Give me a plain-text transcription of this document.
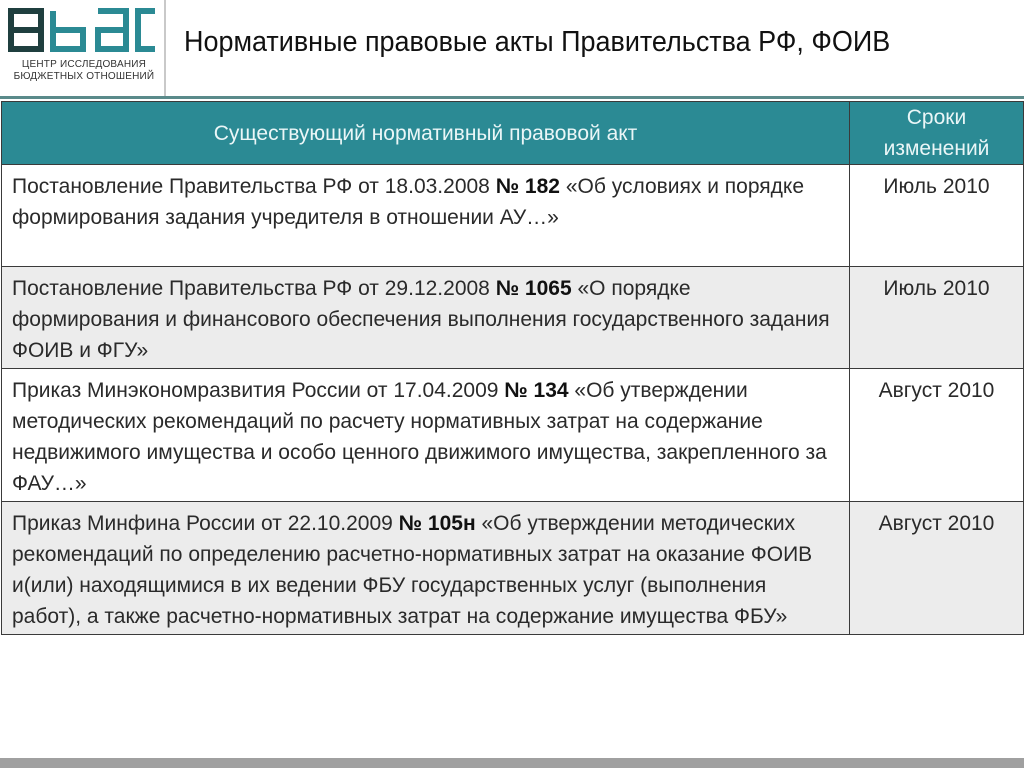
ЦЕНТР ИССЛЕДОВАНИЯ
БЮДЖЕТНЫХ ОТНОШЕНИЙ
Нормативные правовые акты Правительства РФ, ФОИВ
Существующий нормативный правовой акт	Сроки изменений
Постановление Правительства РФ от 18.03.2008 № 182 «Об условиях и порядке формирования задания учредителя в отношении АУ…»	Июль 2010
Постановление Правительства РФ от 29.12.2008 № 1065 «О порядке формирования и финансового обеспечения выполнения государственного задания ФОИВ и ФГУ»	Июль 2010
Приказ Минэкономразвития России от 17.04.2009 № 134 «Об утверждении методических рекомендаций по расчету нормативных затрат на содержание недвижимого имущества и особо ценного движимого имущества, закрепленного за ФАУ…»	Август 2010
Приказ Минфина России от 22.10.2009 № 105н «Об утверждении методических рекомендаций по определению расчетно-нормативных затрат на оказание ФОИВ и(или) находящимися в их ведении ФБУ государственных услуг (выполнения работ), а также расчетно-нормативных затрат на содержание имущества ФБУ»	Август 2010
